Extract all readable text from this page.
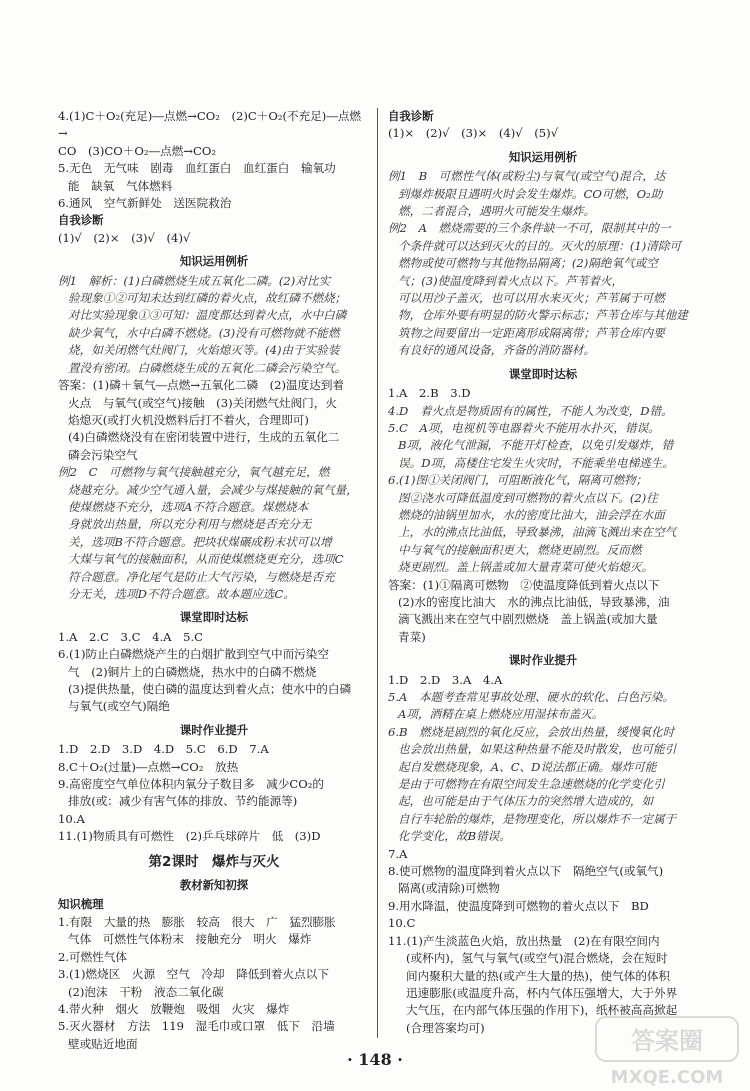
4.(1)C＋O₂(充足)―点燃→CO₂　(2)C＋O₂(不充足)―点燃→
CO　(3)CO＋O₂―点燃→CO₂
5.无色　无气味　剧毒　血红蛋白　血红蛋白　输氧功
能　缺氧　气体燃料
6.通风　空气新鲜处　送医院救治
自我诊断
(1)√　(2)×　(3)√　(4)√
知识运用例析
例1　解析：(1)白磷燃烧生成五氧化二磷。(2)对比实
验现象①②可知未达到红磷的着火点，故红磷不燃烧；
对比实验现象①③可知：温度都达到着火点，水中白磷
缺少氧气，水中白磷不燃烧。(3)没有可燃物就不能燃
烧，如关闭燃气灶阀门，火焰熄灭等。(4)由于实验装
置没有密闭。白磷燃烧生成的五氧化二磷会污染空气。
答案：(1)磷＋氧气―点燃→五氧化二磷　(2)温度达到着
火点　与氧气(或空气)接触　(3)关闭燃气灶阀门，火
焰熄灭(或打火机没燃料后打不着火，合理即可)
(4)白磷燃烧没有在密闭装置中进行，生成的五氧化二
磷会污染空气
例2　C　可燃物与氧气接触越充分，氧气越充足，燃
烧越充分。减少空气通入量，会减少与煤接触的氧气量，
使煤燃烧不充分，选项A不符合题意。煤燃烧本
身就放出热量，所以充分利用与燃烧是否充分无
关，选项B不符合题意。把块状煤碾成粉末状可以增
大煤与氧气的接触面积，从而使煤燃烧更充分，选项C
符合题意。净化尾气是防止大气污染，与燃烧是否充
分无关，选项D不符合题意。故本题应选C。
课堂即时达标
1.A　2.C　3.C　4.A　5.C
6.(1)防止白磷燃烧产生的白烟扩散到空气中而污染空
气　(2)铜片上的白磷燃烧，热水中的白磷不燃烧
(3)提供热量，使白磷的温度达到着火点；使水中的白磷
与氧气(或空气)隔绝
课时作业提升
1.D　2.D　3.D　4.D　5.C　6.D　7.A
8.C＋O₂(过量)―点燃→CO₂　放热
9.高密度空气单位体积内氧分子数目多　减少CO₂的
排放(或：减少有害气体的排放、节约能源等)
10.A
11.(1)物质具有可燃性　(2)乒乓球碎片　低　(3)D
第2课时　爆炸与灭火
教材新知初探
知识梳理
1.有限　大量的热　膨胀　较高　很大　广　猛烈膨胀
气体　可燃性气体粉末　接触充分　明火　爆炸
2.可燃性气体
3.(1)燃烧区　火源　空气　冷却　降低到着火点以下
(2)泡沫　干粉　液态二氧化碳
4.带火种　烟火　放鞭炮　吸烟　火灾　爆炸
5.灭火器材　方法　119　湿毛巾或口罩　低下　沿墙
壁或贴近地面
自我诊断
(1)×　(2)√　(3)×　(4)√　(5)√
知识运用例析
例1　B　可燃性气体(或粉尘)与氧气(或空气)混合，达
到爆炸极限且遇明火时会发生爆炸。CO可燃，O₂助
燃，二者混合，遇明火可能发生爆炸。
例2　A　燃烧需要的三个条件缺一不可，限制其中的一
个条件就可以达到灭火的目的。灭火的原理：(1)清除可
燃物或使可燃物与其他物品隔离；(2)隔绝氧气或空
气；(3)使温度降到着火点以下。芦苇着火，
可以用沙子盖灭，也可以用水来灭火；芦苇属于可燃
物，仓库外要有明显的防火警示标志；芦苇仓库与其他建
筑物之间要留出一定距离形成隔离带；芦苇仓库内要
有良好的通风设备，齐备的消防器材。
课堂即时达标
1.A　2.B　3.D
4.D　着火点是物质固有的属性，不能人为改变，D错。
5.C　A项，电视机等电器着火不能用水扑灭，错误。
B项，液化气泄漏，不能开灯检查，以免引发爆炸，错
误。D项，高楼住宅发生火灾时，不能乘坐电梯逃生。
6.(1)图①关闭阀门，可阻断液化气，隔离可燃物；
图②浇水可降低温度到可燃物的着火点以下。(2)往
燃烧的油锅里加水，水的密度比油大，油会浮在水面
上，水的沸点比油低，导致暴沸，油滴飞溅出来在空气
中与氧气的接触面积更大，燃烧更剧烈。反而燃
烧更剧烈。盖上锅盖或加大量青菜可使火焰熄灭。
答案：(1)①隔离可燃物　②使温度降低到着火点以下
(2)水的密度比油大　水的沸点比油低，导致暴沸，油
滴飞溅出来在空气中剧烈燃烧　盖上锅盖(或加大量
青菜)
课时作业提升
1.D　2.D　3.A　4.A
5.A　本题考查常见事故处理、硬水的软化、白色污染。
A项，酒精在桌上燃烧应用湿抹布盖灭。
6.B　燃烧是剧烈的氧化反应，会放出热量，缓慢氧化时
也会放出热量，如果这种热量不能及时散发，也可能引
起自发燃烧现象，A、C、D说法都正确。爆炸可能
是由于可燃物在有限空间发生急速燃烧的化学变化引
起，也可能是由于气体压力的突然增大造成的，如
自行车轮胎的爆炸，是物理变化，所以爆炸不一定属于
化学变化，故B错误。
7.A
8.使可燃物的温度降到着火点以下　隔绝空气(或氧气)
隔离(或清除)可燃物
9.用水降温，使温度降到可燃物的着火点以下　BD
10.C
11.(1)产生淡蓝色火焰，放出热量　(2)在有限空间内
(或杯内)，氢气与氧气(或空气)混合燃烧，会在短时
间内聚积大量的热(或产生大量的热)，使气体的体积
迅速膨胀(或温度升高，杯内气体压强增大，大于外界
大气压，在内部气体压强的作用下)，纸杯被高高掀起
(合理答案均可)
· 148 ·
答案圈
MXQE.COM
